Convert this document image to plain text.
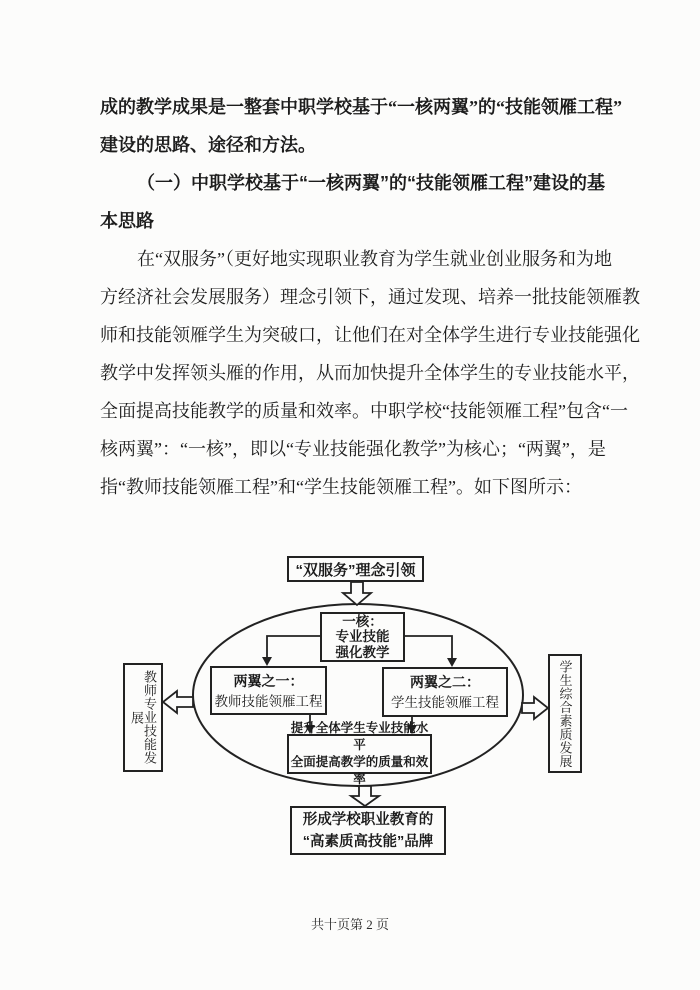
成的教学成果是一整套中职学校基于“一核两翼”的“技能领雁工程”
建设的思路、途径和方法。
（一）中职学校基于“一核两翼”的“技能领雁工程”建设的基
本思路
在“双服务”（更好地实现职业教育为学生就业创业服务和为地
方经济社会发展服务）理念引领下，通过发现、培养一批技能领雁教
师和技能领雁学生为突破口，让他们在对全体学生进行专业技能强化
教学中发挥领头雁的作用，从而加快提升全体学生的专业技能水平，
全面提高技能教学的质量和效率。中职学校“技能领雁工程”包含“一
核两翼”：“一核”，即以“专业技能强化教学”为核心；“两翼”，是
指“教师技能领雁工程”和“学生技能领雁工程”。如下图所示：
“双服务”理念引领
一核：
专业技能
强化教学
两翼之一：
教师技能领雁工程
两翼之二：
学生技能领雁工程
提升全体学生专业技能水平
全面提高教学的质量和效率
形成学校职业教育的
“高素质高技能”品牌
教师专业技能发展	学生综合素质发展
共十页第 2 页
